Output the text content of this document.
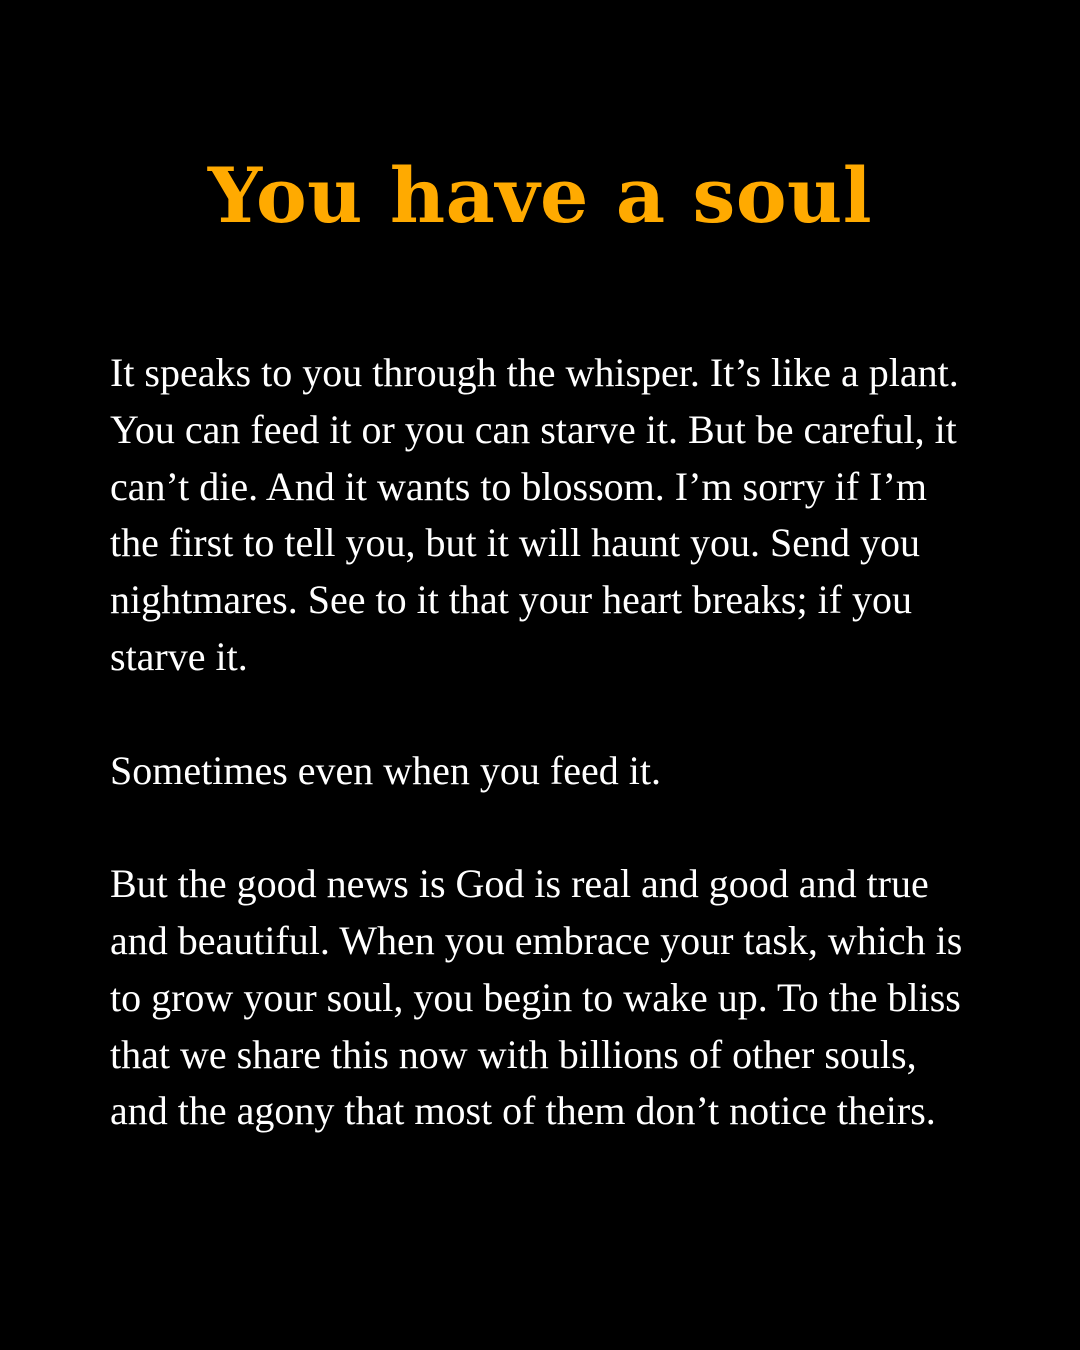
You have a soul

It speaks to you through the whisper. It’s like a plant. You can feed it or you can starve it. But be careful, it can’t die. And it wants to blossom. I’m sorry if I’m the first to tell you, but it will haunt you. Send you nightmares. See to it that your heart breaks; if you starve it.

Sometimes even when you feed it.

But the good news is God is real and good and true and beautiful. When you embrace your task, which is to grow your soul, you begin to wake up. To the bliss that we share this now with billions of other souls, and the agony that most of them don’t notice theirs.
